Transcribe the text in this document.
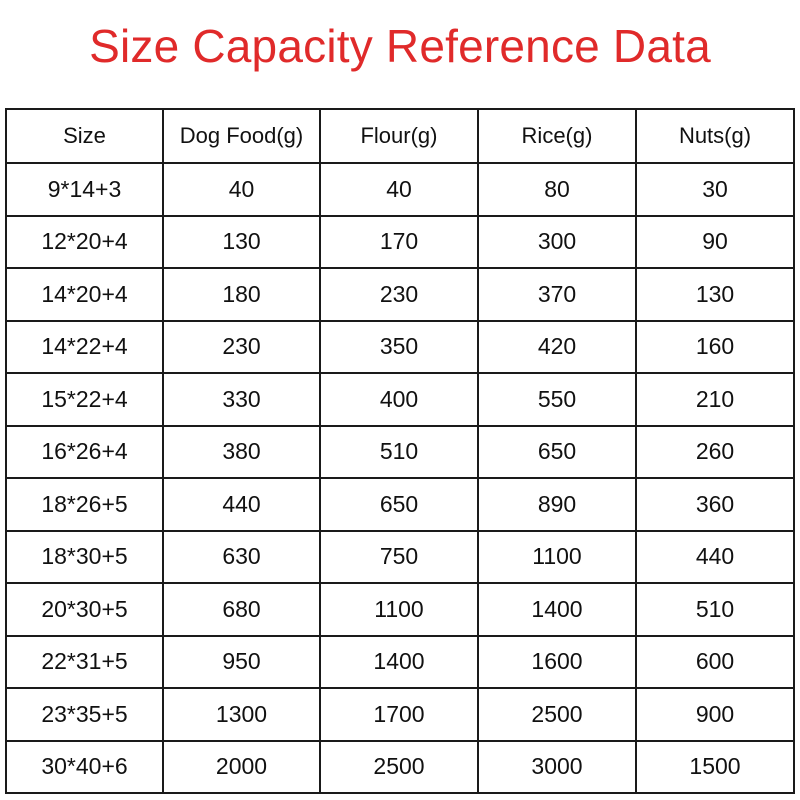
Size Capacity Reference Data
Size	Dog Food(g)	Flour(g)	Rice(g)	Nuts(g)
9*14+3	40	40	80	30
12*20+4	130	170	300	90
14*20+4	180	230	370	130
14*22+4	230	350	420	160
15*22+4	330	400	550	210
16*26+4	380	510	650	260
18*26+5	440	650	890	360
18*30+5	630	750	1100	440
20*30+5	680	1100	1400	510
22*31+5	950	1400	1600	600
23*35+5	1300	1700	2500	900
30*40+6	2000	2500	3000	1500
